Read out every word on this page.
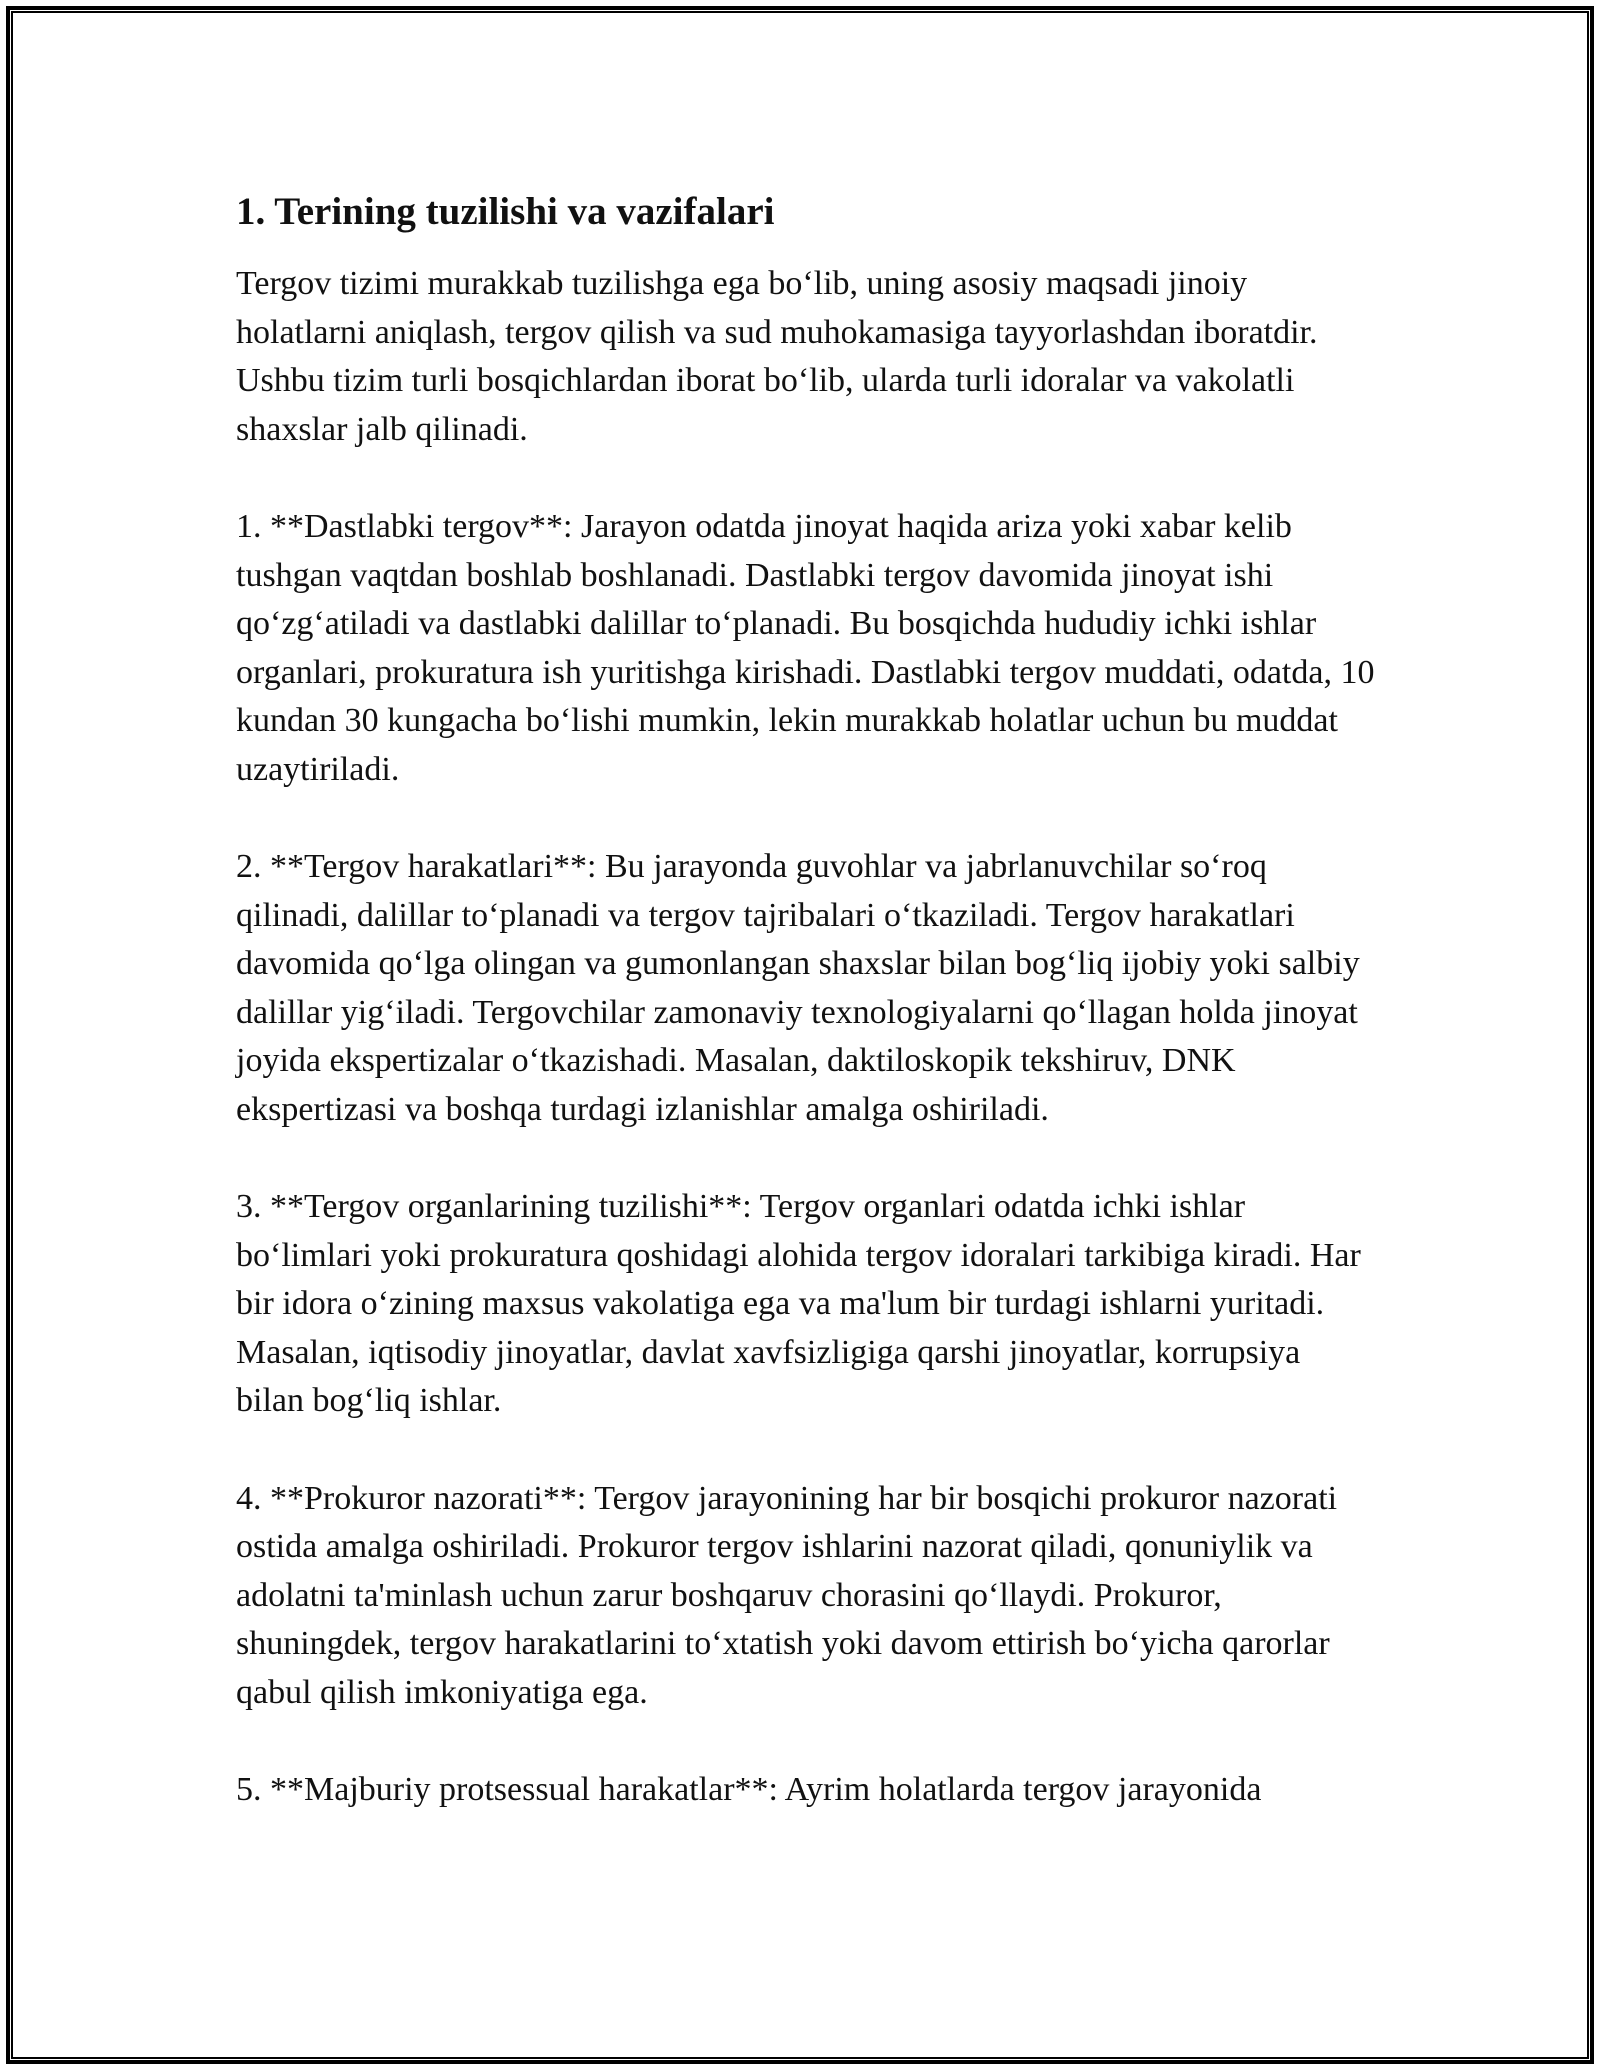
1. Terining tuzilishi va vazifalari

Tergov tizimi murakkab tuzilishga ega bo‘lib, uning asosiy maqsadi jinoiy holatlarni aniqlash, tergov qilish va sud muhokamasiga tayyorlashdan iboratdir. Ushbu tizim turli bosqichlardan iborat bo‘lib, ularda turli idoralar va vakolatli shaxslar jalb qilinadi.

1. **Dastlabki tergov**: Jarayon odatda jinoyat haqida ariza yoki xabar kelib tushgan vaqtdan boshlab boshlanadi. Dastlabki tergov davomida jinoyat ishi qo‘zg‘atiladi va dastlabki dalillar to‘planadi. Bu bosqichda hududiy ichki ishlar organlari, prokuratura ish yuritishga kirishadi. Dastlabki tergov muddati, odatda, 10 kundan 30 kungacha bo‘lishi mumkin, lekin murakkab holatlar uchun bu muddat uzaytiriladi.

2. **Tergov harakatlari**: Bu jarayonda guvohlar va jabrlanuvchilar so‘roq qilinadi, dalillar to‘planadi va tergov tajribalari o‘tkaziladi. Tergov harakatlari davomida qo‘lga olingan va gumonlangan shaxslar bilan bog‘liq ijobiy yoki salbiy dalillar yig‘iladi. Tergovchilar zamonaviy texnologiyalarni qo‘llagan holda jinoyat joyida ekspertizalar o‘tkazishadi. Masalan, daktiloskopik tekshiruv, DNK ekspertizasi va boshqa turdagi izlanishlar amalga oshiriladi.

3. **Tergov organlarining tuzilishi**: Tergov organlari odatda ichki ishlar bo‘limlari yoki prokuratura qoshidagi alohida tergov idoralari tarkibiga kiradi. Har bir idora o‘zining maxsus vakolatiga ega va ma'lum bir turdagi ishlarni yuritadi. Masalan, iqtisodiy jinoyatlar, davlat xavfsizligiga qarshi jinoyatlar, korrupsiya bilan bog‘liq ishlar.

4. **Prokuror nazorati**: Tergov jarayonining har bir bosqichi prokuror nazorati ostida amalga oshiriladi. Prokuror tergov ishlarini nazorat qiladi, qonuniylik va adolatni ta'minlash uchun zarur boshqaruv chorasini qo‘llaydi. Prokuror, shuningdek, tergov harakatlarini to‘xtatish yoki davom ettirish bo‘yicha qarorlar qabul qilish imkoniyatiga ega.

5. **Majburiy protsessual harakatlar**: Ayrim holatlarda tergov jarayonida
